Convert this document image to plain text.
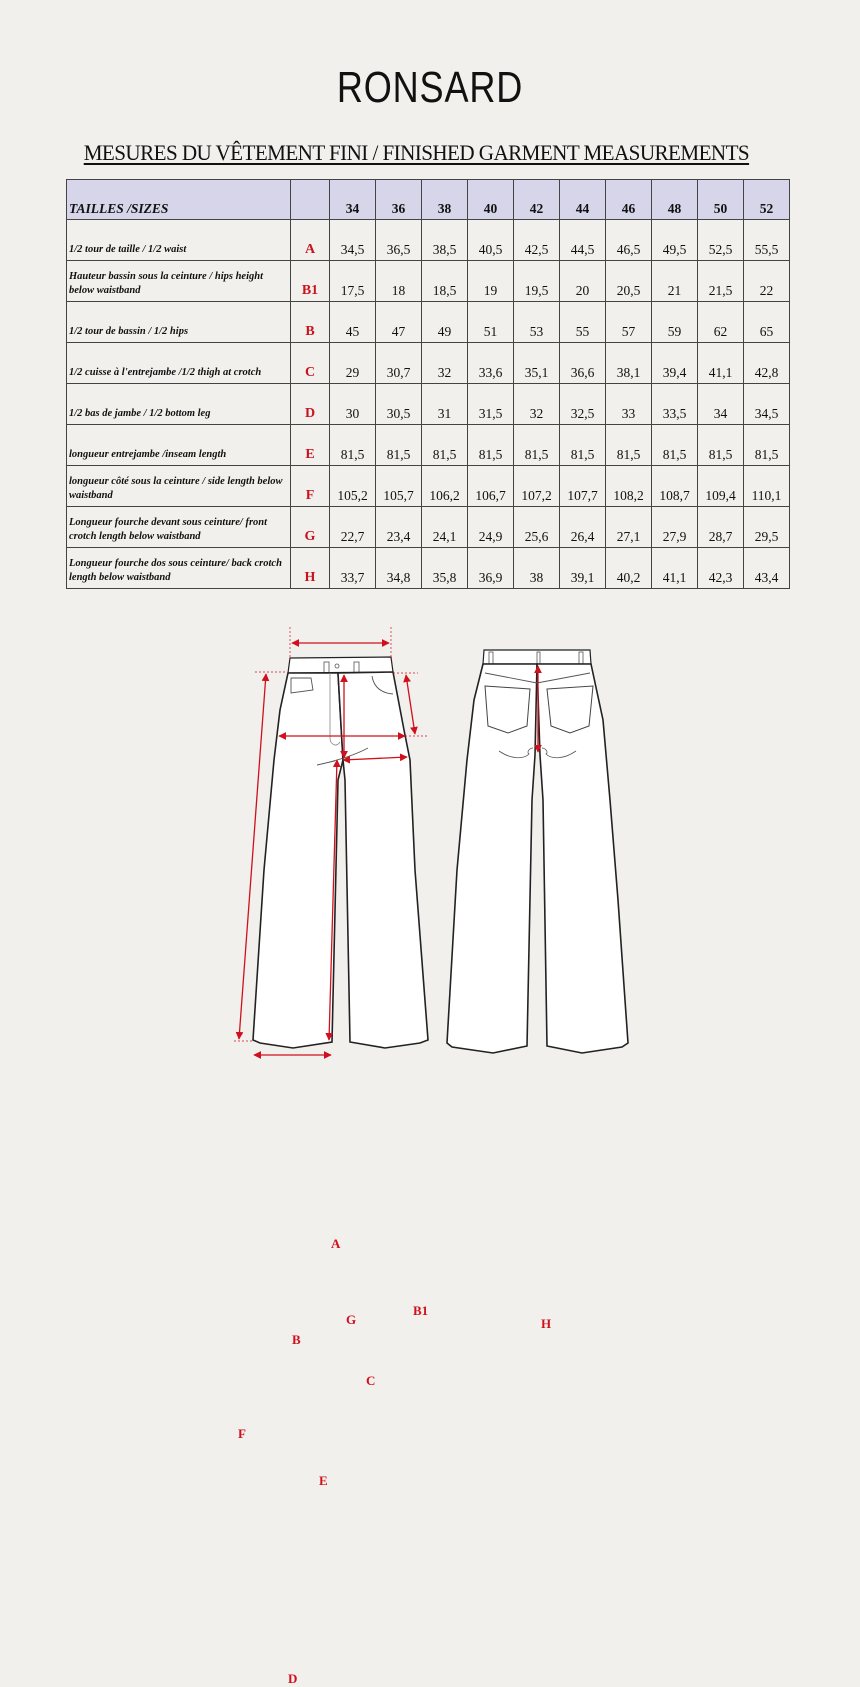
RONSARD
MESURES DU VÊTEMENT FINI / FINISHED GARMENT MEASUREMENTS
TAILLES /SIZES		34	36	38	40	42	44	46	48	50	52
1/2 tour de taille / 1/2 waist	A	34,5	36,5	38,5	40,5	42,5	44,5	46,5	49,5	52,5	55,5
Hauteur bassin sous la ceinture / hips height below waistband	B1	17,5	18	18,5	19	19,5	20	20,5	21	21,5	22
1/2 tour de bassin / 1/2 hips	B	45	47	49	51	53	55	57	59	62	65
1/2 cuisse à l'entrejambe /1/2 thigh at crotch	C	29	30,7	32	33,6	35,1	36,6	38,1	39,4	41,1	42,8
1/2 bas de jambe / 1/2 bottom leg	D	30	30,5	31	31,5	32	32,5	33	33,5	34	34,5
longueur entrejambe /inseam length	E	81,5	81,5	81,5	81,5	81,5	81,5	81,5	81,5	81,5	81,5
longueur côté sous la ceinture / side length below waistband	F	105,2	105,7	106,2	106,7	107,2	107,7	108,2	108,7	109,4	110,1
Longueur fourche devant sous ceinture/ front crotch length below waistband	G	22,7	23,4	24,1	24,9	25,6	26,4	27,1	27,9	28,7	29,5
Longueur fourche dos sous ceinture/ back crotch length below waistband	H	33,7	34,8	35,8	36,9	38	39,1	40,2	41,1	42,3	43,4
A
B1
G
B
C
F
E
D
H
